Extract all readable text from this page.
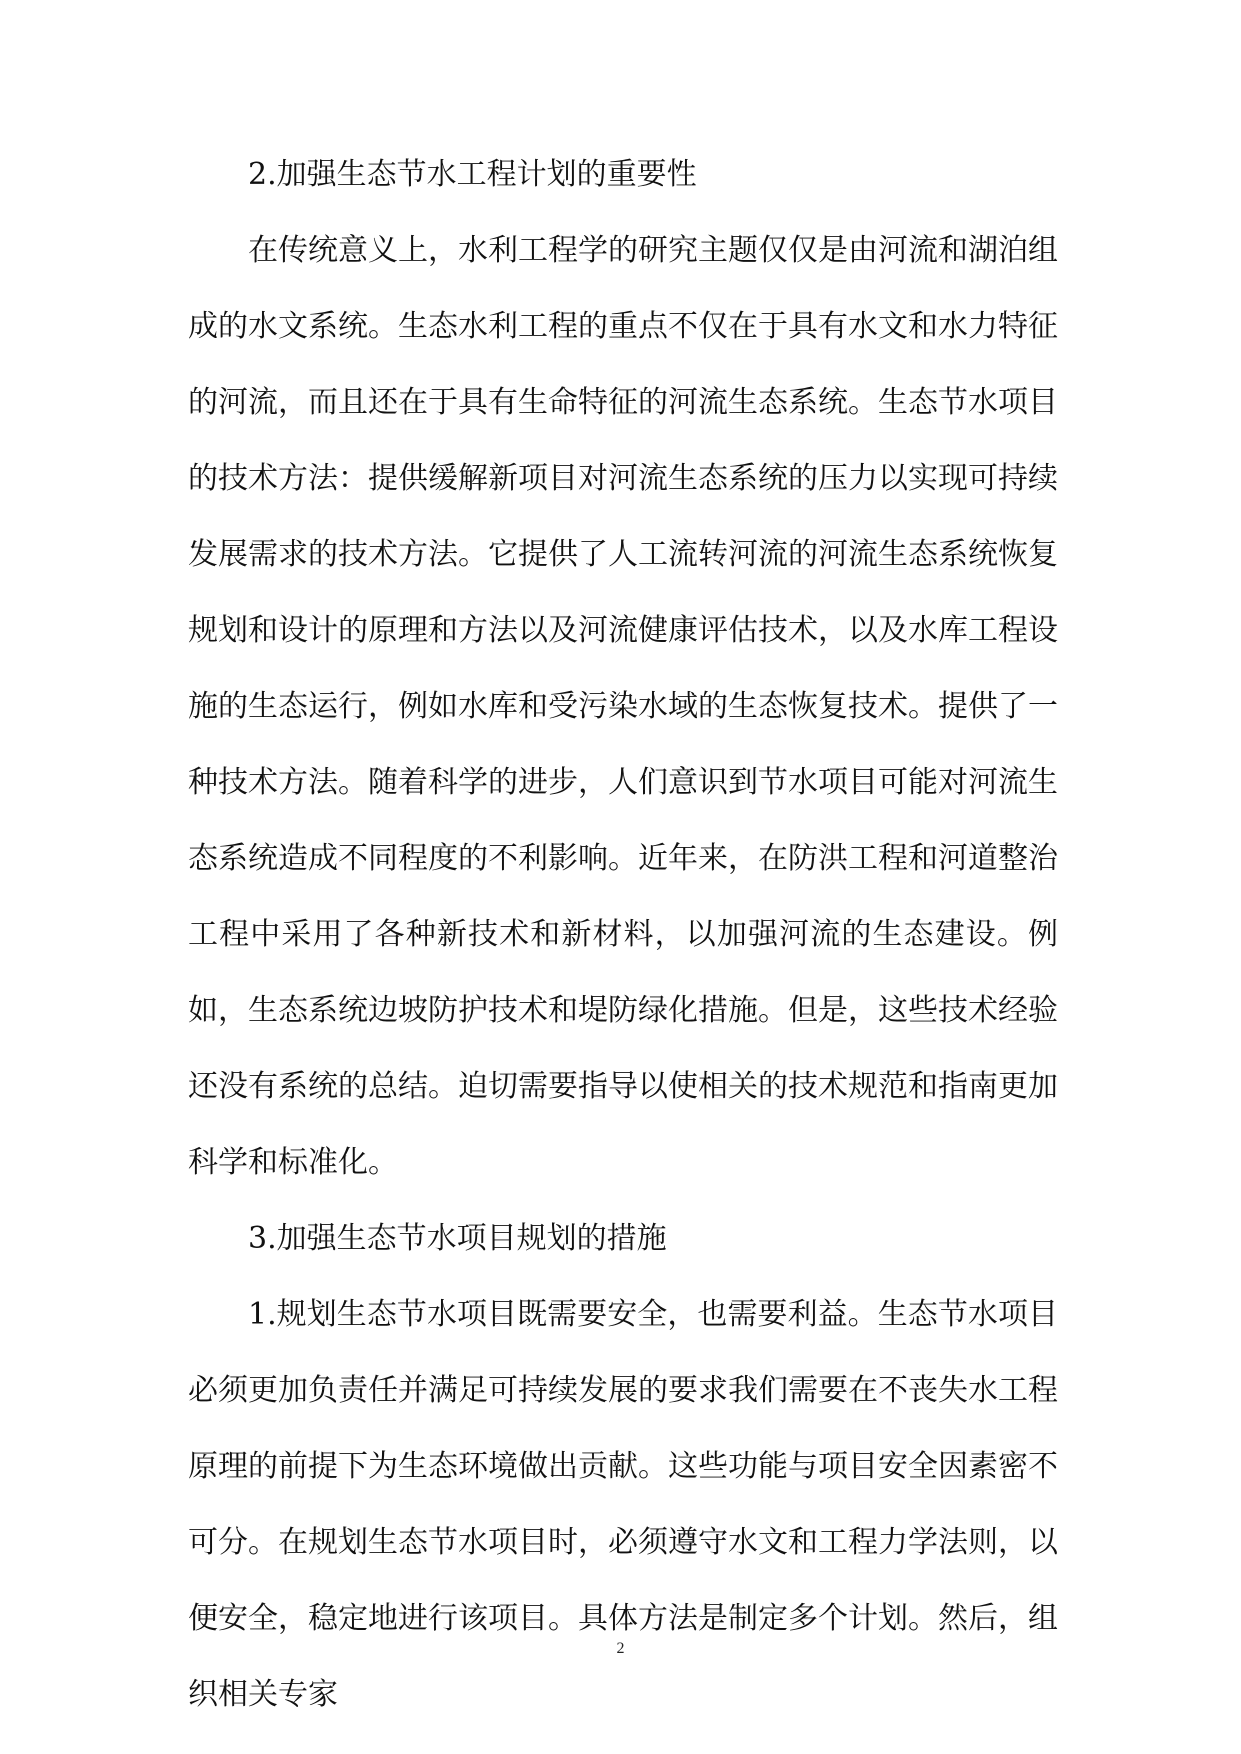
2.加强生态节水工程计划的重要性

在传统意义上，水利工程学的研究主题仅仅是由河流和湖泊组成的水文系统。生态水利工程的重点不仅在于具有水文和水力特征的河流，而且还在于具有生命特征的河流生态系统。生态节水项目的技术方法：提供缓解新项目对河流生态系统的压力以实现可持续发展需求的技术方法。它提供了人工流转河流的河流生态系统恢复规划和设计的原理和方法以及河流健康评估技术，以及水库工程设施的生态运行，例如水库和受污染水域的生态恢复技术。提供了一种技术方法。随着科学的进步，人们意识到节水项目可能对河流生态系统造成不同程度的不利影响。近年来，在防洪工程和河道整治工程中采用了各种新技术和新材料，以加强河流的生态建设。例如，生态系统边坡防护技术和堤防绿化措施。但是，这些技术经验还没有系统的总结。迫切需要指导以使相关的技术规范和指南更加科学和标准化。

3.加强生态节水项目规划的措施

1.规划生态节水项目既需要安全，也需要利益。生态节水项目必须更加负责任并满足可持续发展的要求我们需要在不丧失水工程原理的前提下为生态环境做出贡献。这些功能与项目安全因素密不可分。在规划生态节水项目时，必须遵守水文和工程力学法则，以便安全，稳定地进行该项目。具体方法是制定多个计划。然后，组织相关专家

2
